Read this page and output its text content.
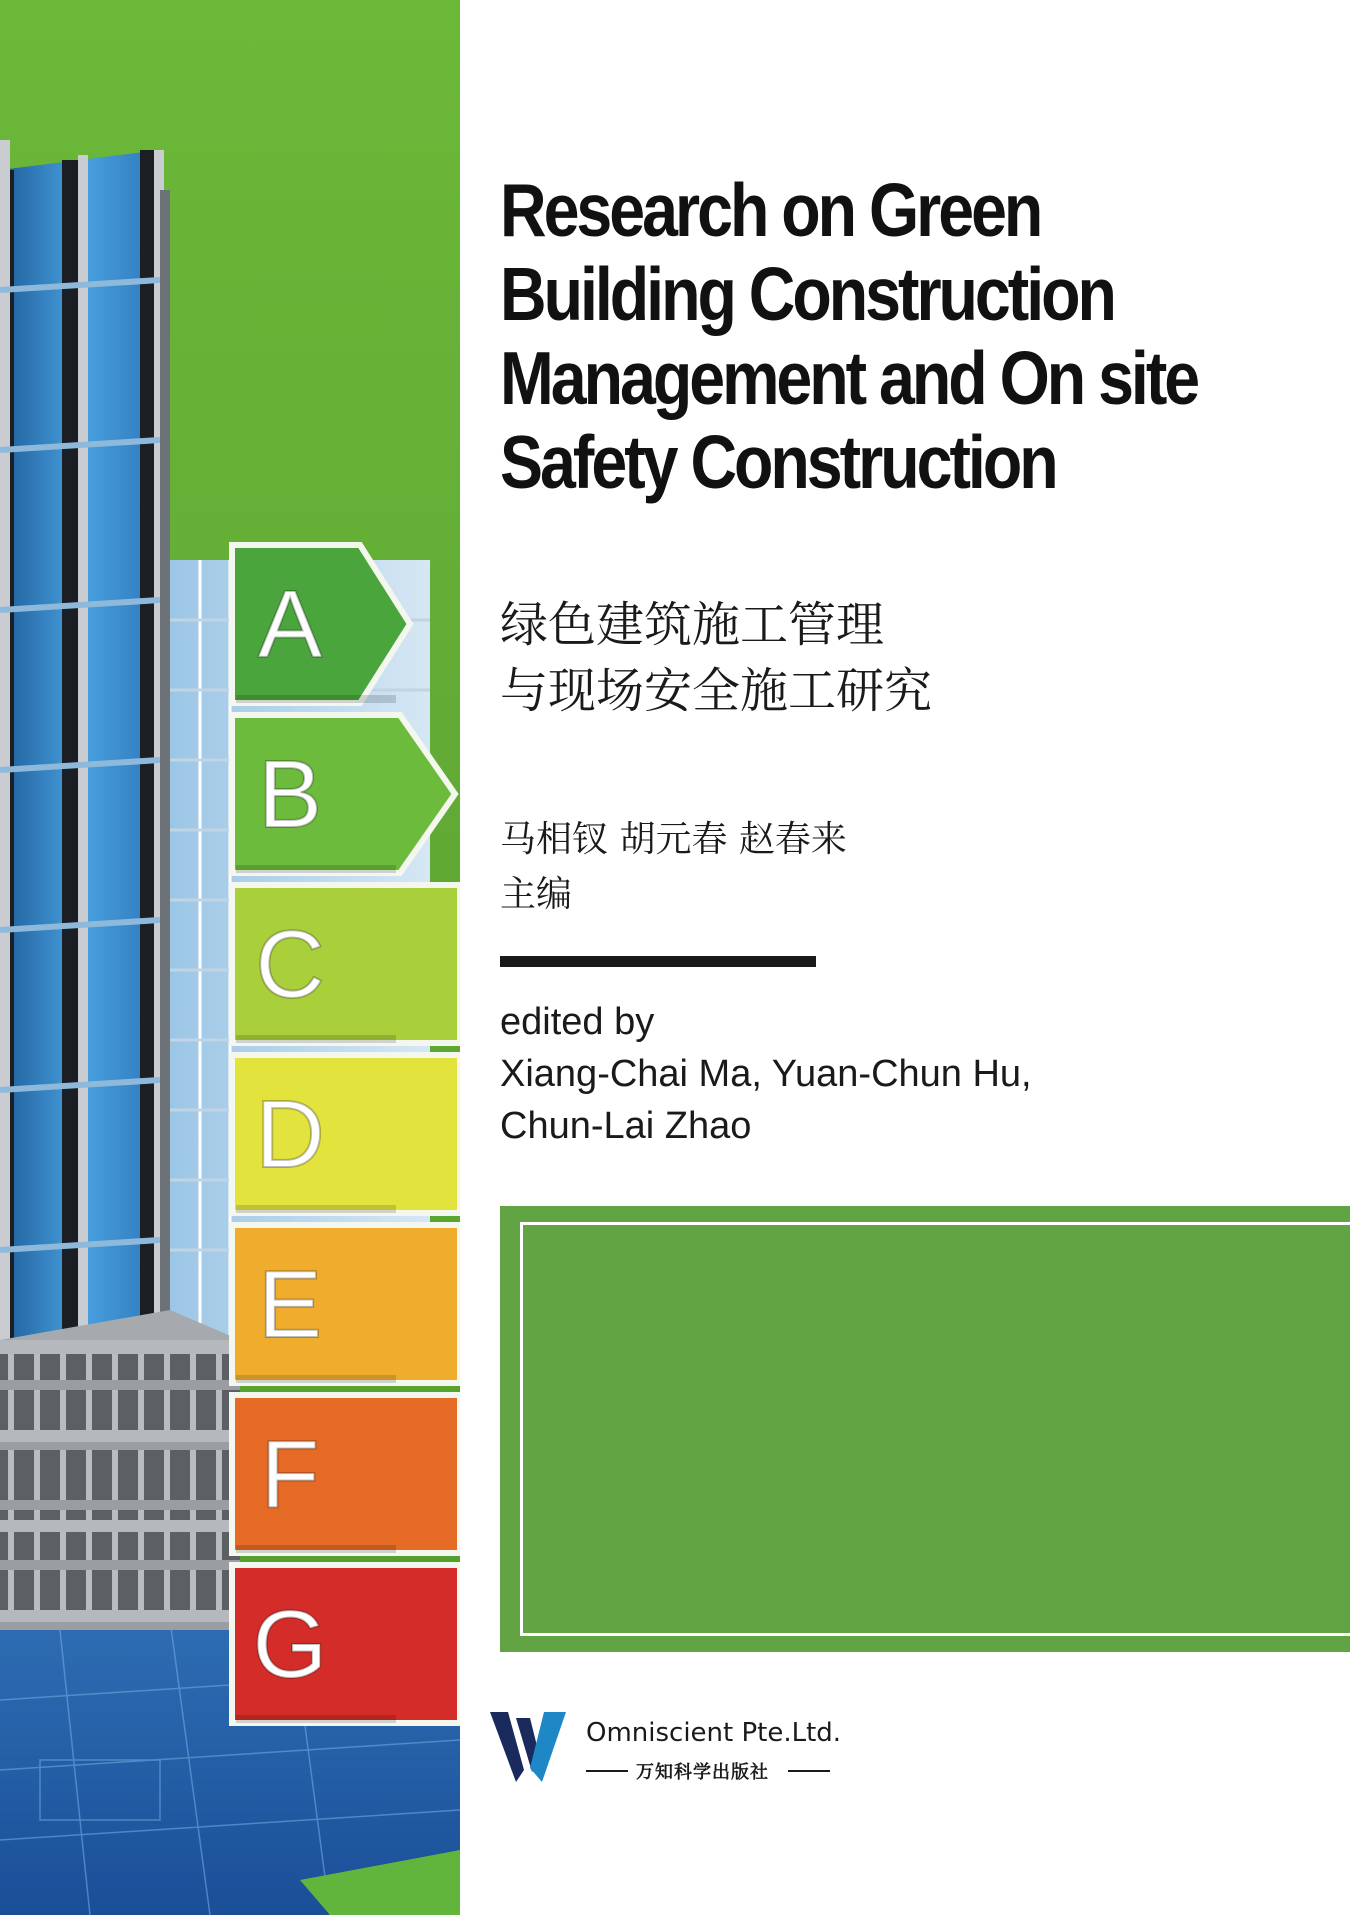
A
B
C
D
E
F
G
Research on Green
Building Construction
Management and On site
Safety Construction
绿色建筑施工管理
与现场安全施工研究
马相钗 胡元春 赵春来
主编
edited by
Xiang-Chai Ma, Yuan-Chun Hu,
Chun-Lai Zhao
Omniscient Pte.Ltd.
万知科学出版社
